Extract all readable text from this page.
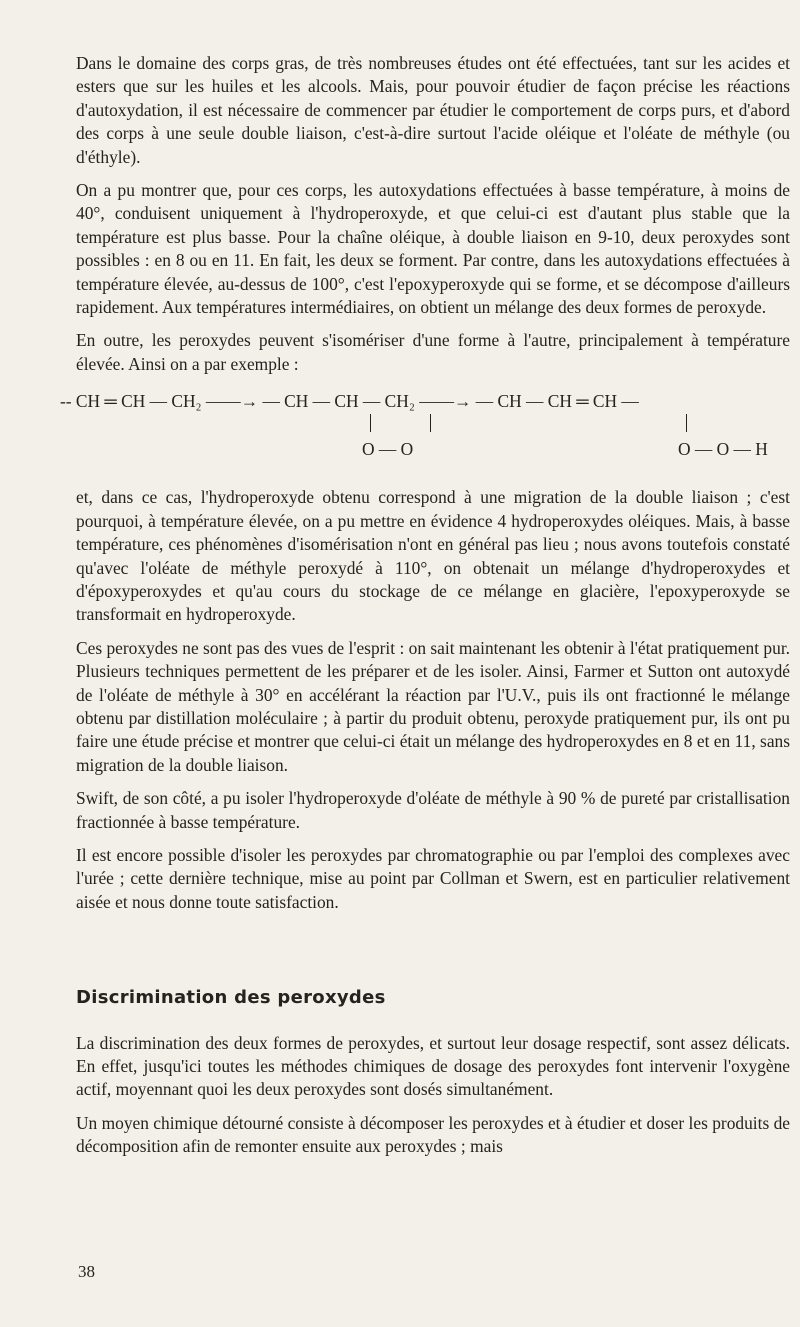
Dans le domaine des corps gras, de très nombreuses études ont été effectuées, tant sur les acides et esters que sur les huiles et les alcools. Mais, pour pouvoir étudier de façon précise les réactions d'autoxydation, il est nécessaire de commencer par étudier le comportement de corps purs, et d'abord des corps à une seule double liaison, c'est-à-dire surtout l'acide oléique et l'oléate de méthyle (ou d'éthyle).

On a pu montrer que, pour ces corps, les autoxydations effectuées à basse température, à moins de 40°, conduisent uniquement à l'hydroperoxyde, et que celui-ci est d'autant plus stable que la température est plus basse. Pour la chaîne oléique, à double liaison en 9-10, deux peroxydes sont possibles : en 8 ou en 11. En fait, les deux se forment. Par contre, dans les autoxydations effectuées à température élevée, au-dessus de 100°, c'est l'epoxyperoxyde qui se forme, et se décompose d'ailleurs rapidement. Aux températures intermédiaires, on obtient un mélange des deux formes de peroxyde.

En outre, les peroxydes peuvent s'isomériser d'une forme à l'autre, principalement à température élevée. Ainsi on a par exemple :

-- CH ═ CH — CH₂ ——→ — CH — CH — CH₂ ——→ — CH — CH ═ CH —
O — O	O — O — H

et, dans ce cas, l'hydroperoxyde obtenu correspond à une migration de la double liaison ; c'est pourquoi, à température élevée, on a pu mettre en évidence 4 hydroperoxydes oléiques. Mais, à basse température, ces phénomènes d'isomérisation n'ont en général pas lieu ; nous avons toutefois constaté qu'avec l'oléate de méthyle peroxydé à 110°, on obtenait un mélange d'hydroperoxydes et d'époxyperoxydes et qu'au cours du stockage de ce mélange en glacière, l'epoxyperoxyde se transformait en hydroperoxyde.

Ces peroxydes ne sont pas des vues de l'esprit : on sait maintenant les obtenir à l'état pratiquement pur. Plusieurs techniques permettent de les préparer et de les isoler. Ainsi, Farmer et Sutton ont autoxydé de l'oléate de méthyle à 30° en accélérant la réaction par l'U.V., puis ils ont fractionné le mélange obtenu par distillation moléculaire ; à partir du produit obtenu, peroxyde pratiquement pur, ils ont pu faire une étude précise et montrer que celui-ci était un mélange des hydroperoxydes en 8 et en 11, sans migration de la double liaison.

Swift, de son côté, a pu isoler l'hydroperoxyde d'oléate de méthyle à 90 % de pureté par cristallisation fractionnée à basse température.

Il est encore possible d'isoler les peroxydes par chromatographie ou par l'emploi des complexes avec l'urée ; cette dernière technique, mise au point par Collman et Swern, est en particulier relativement aisée et nous donne toute satisfaction.

Discrimination des peroxydes

La discrimination des deux formes de peroxydes, et surtout leur dosage respectif, sont assez délicats. En effet, jusqu'ici toutes les méthodes chimiques de dosage des peroxydes font intervenir l'oxygène actif, moyennant quoi les deux peroxydes sont dosés simultanément.

Un moyen chimique détourné consiste à décomposer les peroxydes et à étudier et doser les produits de décomposition afin de remonter ensuite aux peroxydes ; mais

38
